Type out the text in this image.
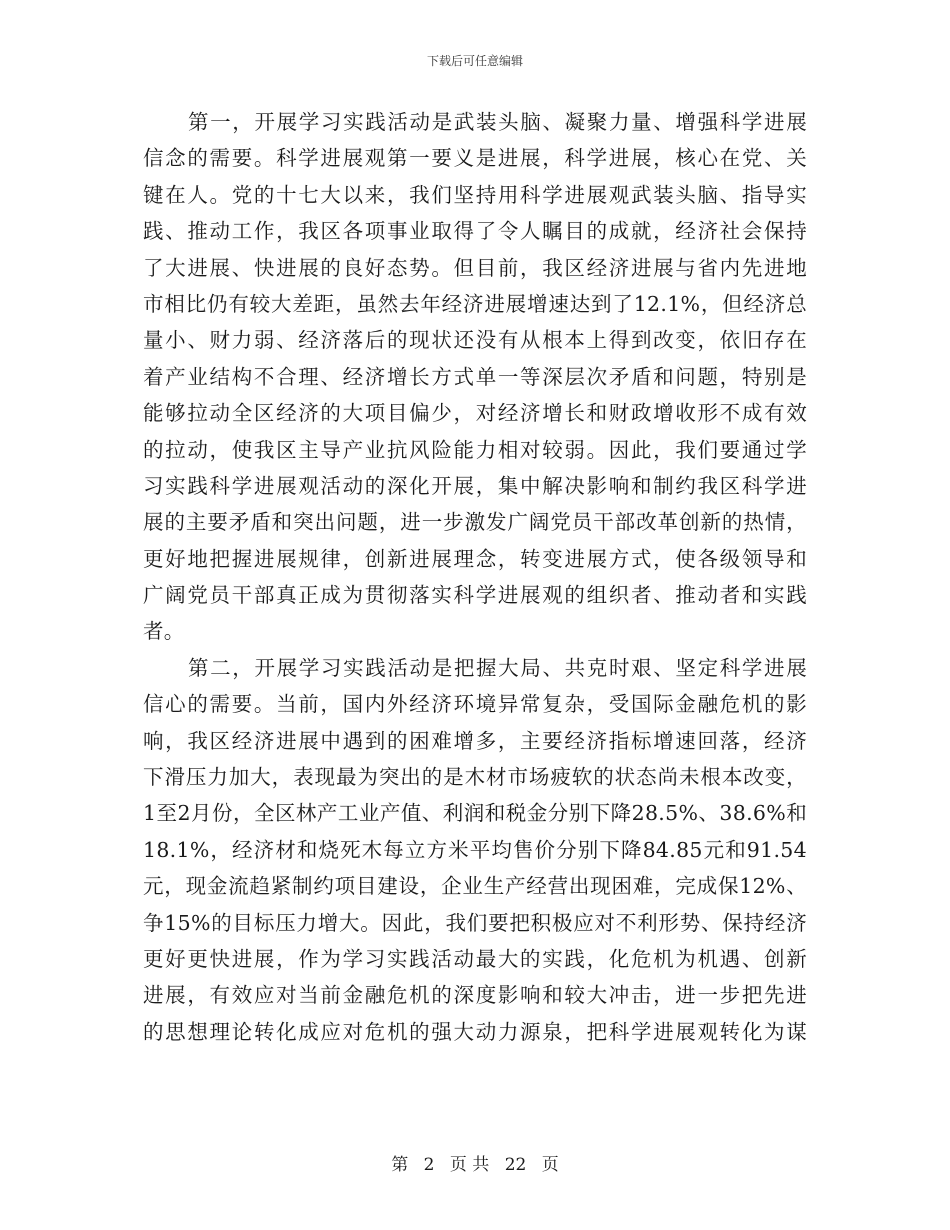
下载后可任意编辑
第一，开展学习实践活动是武装头脑、凝聚力量、增强科学进展
信念的需要。科学进展观第一要义是进展，科学进展，核心在党、关
键在人。党的十七大以来，我们坚持用科学进展观武装头脑、指导实
践、推动工作，我区各项事业取得了令人瞩目的成就，经济社会保持
了大进展、快进展的良好态势。但目前，我区经济进展与省内先进地
市相比仍有较大差距，虽然去年经济进展增速达到了12.1%，但经济总
量小、财力弱、经济落后的现状还没有从根本上得到改变，依旧存在
着产业结构不合理、经济增长方式单一等深层次矛盾和问题，特别是
能够拉动全区经济的大项目偏少，对经济增长和财政增收形不成有效
的拉动，使我区主导产业抗风险能力相对较弱。因此，我们要通过学
习实践科学进展观活动的深化开展，集中解决影响和制约我区科学进
展的主要矛盾和突出问题，进一步激发广阔党员干部改革创新的热情，
更好地把握进展规律，创新进展理念，转变进展方式，使各级领导和
广阔党员干部真正成为贯彻落实科学进展观的组织者、推动者和实践
者。
第二，开展学习实践活动是把握大局、共克时艰、坚定科学进展
信心的需要。当前，国内外经济环境异常复杂，受国际金融危机的影
响，我区经济进展中遇到的困难增多，主要经济指标增速回落，经济
下滑压力加大，表现最为突出的是木材市场疲软的状态尚未根本改变，
1至2月份，全区林产工业产值、利润和税金分别下降28.5%、38.6%和
18.1%，经济材和烧死木每立方米平均售价分别下降84.85元和91.54
元，现金流趋紧制约项目建设，企业生产经营出现困难，完成保12%、
争15%的目标压力增大。因此，我们要把积极应对不利形势、保持经济
更好更快进展，作为学习实践活动最大的实践，化危机为机遇、创新
进展，有效应对当前金融危机的深度影响和较大冲击，进一步把先进
的思想理论转化成应对危机的强大动力源泉，把科学进展观转化为谋
第 2 页 共 22 页
